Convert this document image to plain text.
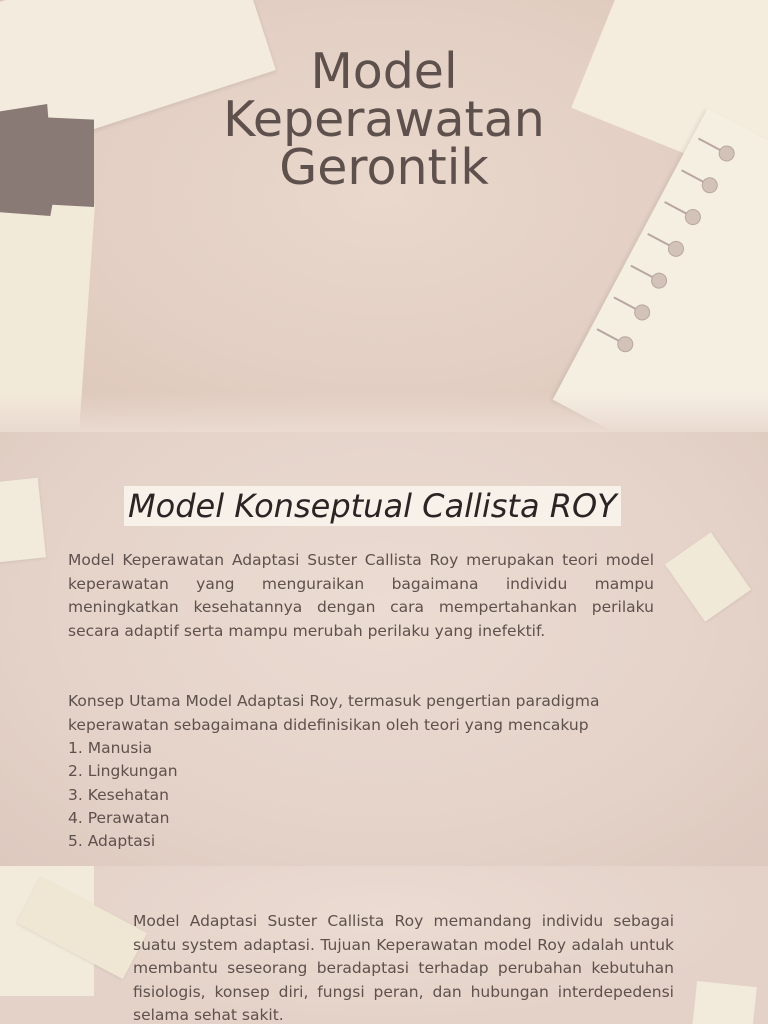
Model
Keperawatan
Gerontik
Model Konseptual Callista ROY

Model Keperawatan Adaptasi Suster Callista Roy merupakan teori model keperawatan yang menguraikan bagaimana individu mampu meningkatkan kesehatannya dengan cara mempertahankan perilaku secara adaptif serta mampu merubah perilaku yang inefektif.

Konsep Utama Model Adaptasi Roy, termasuk pengertian paradigma keperawatan sebagaimana didefinisikan oleh teori yang mencakup

1. Manusia
2. Lingkungan
3. Kesehatan
4. Perawatan
5. Adaptasi

Model Adaptasi Suster Callista Roy memandang individu sebagai suatu system adaptasi. Tujuan Keperawatan model Roy adalah untuk membantu seseorang beradaptasi terhadap perubahan kebutuhan fisiologis, konsep diri, fungsi peran, dan hubungan interdepedensi selama sehat sakit.
